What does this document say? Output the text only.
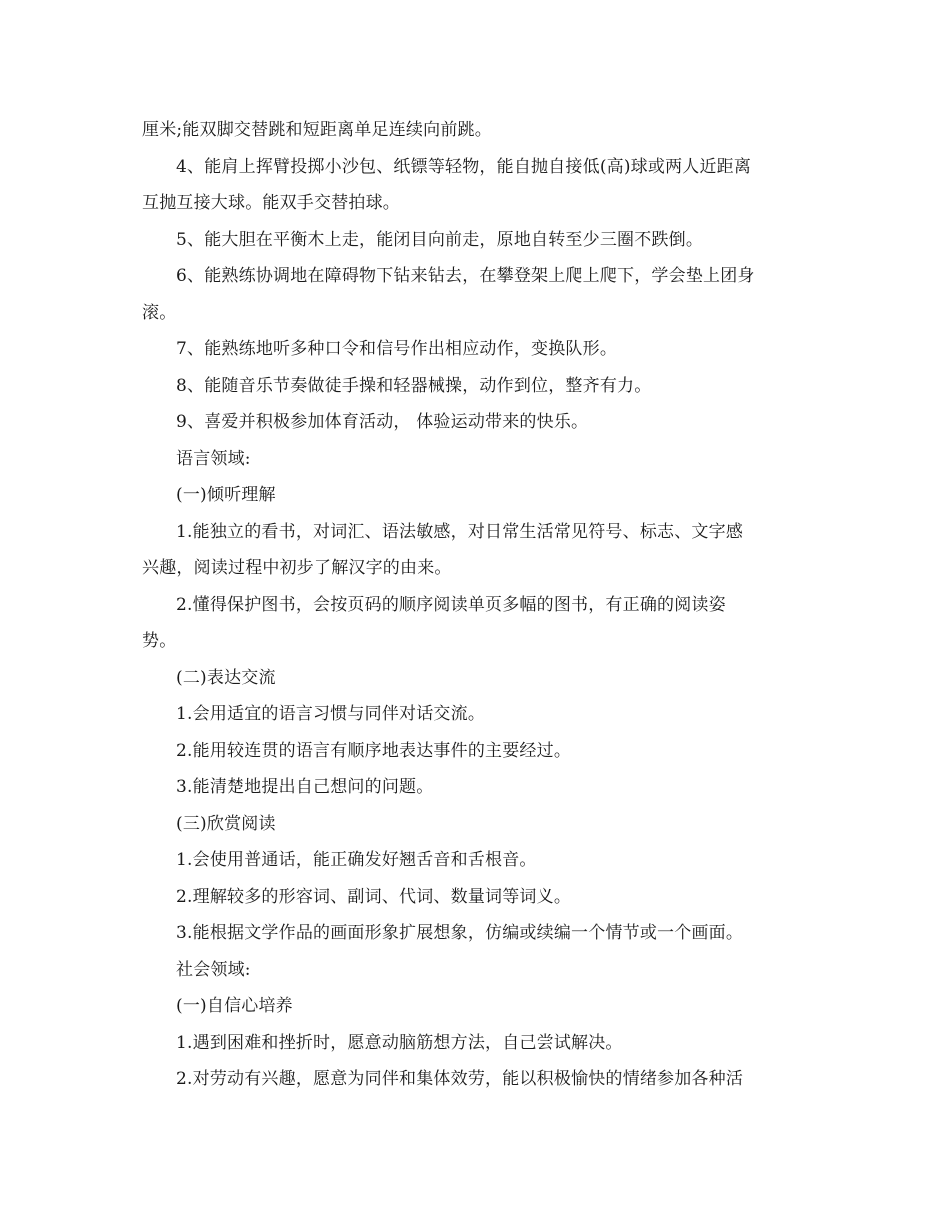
厘米;能双脚交替跳和短距离单足连续向前跳。
4、能肩上挥臂投掷小沙包、纸镖等轻物，能自抛自接低(高)球或两人近距离
互抛互接大球。能双手交替拍球。
5、能大胆在平衡木上走，能闭目向前走，原地自转至少三圈不跌倒。
6、能熟练协调地在障碍物下钻来钻去，在攀登架上爬上爬下，学会垫上团身
滚。
7、能熟练地听多种口令和信号作出相应动作，变换队形。
8、能随音乐节奏做徒手操和轻器械操，动作到位，整齐有力。
9、喜爱并积极参加体育活动， 体验运动带来的快乐。
语言领域:
(一)倾听理解
1.能独立的看书，对词汇、语法敏感，对日常生活常见符号、标志、文字感
兴趣，阅读过程中初步了解汉字的由来。
2.懂得保护图书，会按页码的顺序阅读单页多幅的图书，有正确的阅读姿
势。
(二)表达交流
1.会用适宜的语言习惯与同伴对话交流。
2.能用较连贯的语言有顺序地表达事件的主要经过。
3.能清楚地提出自己想问的问题。
(三)欣赏阅读
1.会使用普通话，能正确发好翘舌音和舌根音。
2.理解较多的形容词、副词、代词、数量词等词义。
3.能根据文学作品的画面形象扩展想象，仿编或续编一个情节或一个画面。
社会领域:
(一)自信心培养
1.遇到困难和挫折时，愿意动脑筋想方法，自己尝试解决。
2.对劳动有兴趣，愿意为同伴和集体效劳，能以积极愉快的情绪参加各种活
